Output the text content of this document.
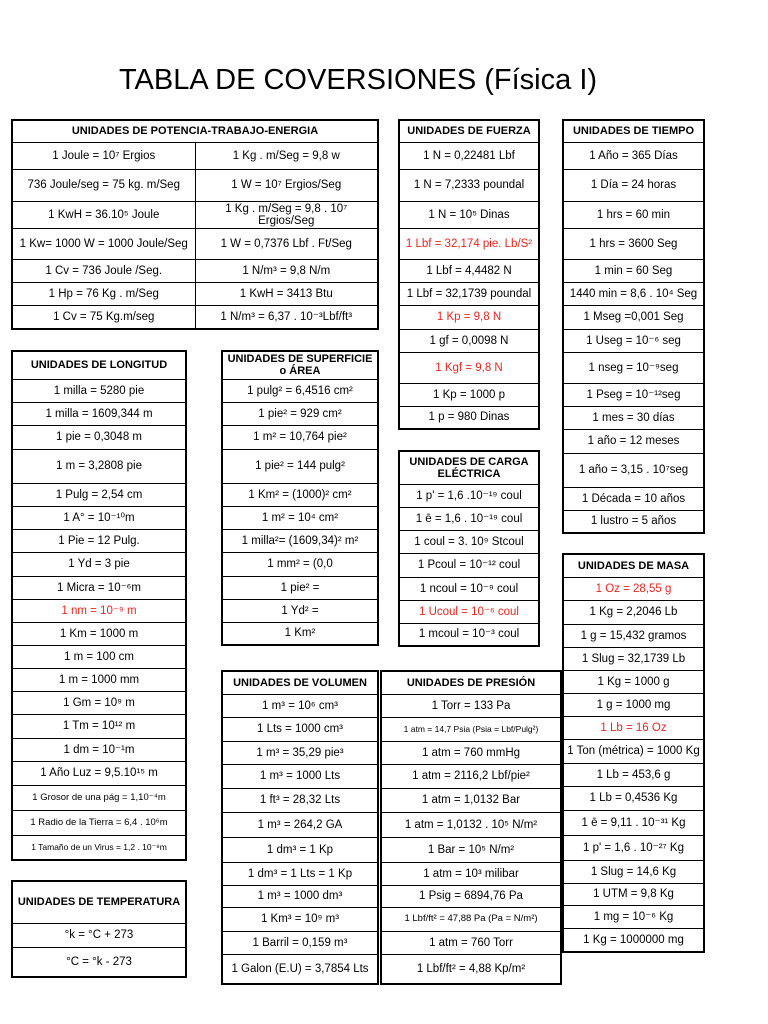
TABLA DE COVERSIONES (Física I)
UNIDADES DE POTENCIA-TRABAJO-ENERGIA	
1 Joule = 10⁷ Ergios	1 Kg . m/Seg = 9,8 w
736 Joule/seg = 75 kg. m/Seg	1 W = 10⁷ Ergios/Seg
1 KwH = 36.10⁵ Joule	1 Kg . m/Seg = 9,8 . 10⁷ Ergios/Seg
1 Kw= 1000 W = 1000 Joule/Seg	1 W = 0,7376 Lbf . Ft/Seg
1 Cv = 736 Joule /Seg.	1 N/m³ = 9,8 N/m
1 Hp = 76 Kg . m/Seg	1 KwH = 3413 Btu
1 Cv = 75 Kg.m/seg	1 N/m³ = 6,37 . 10⁻³Lbf/ft³
UNIDADES DE FUERZA
1 N = 0,22481 Lbf
1 N = 7,2333 poundal
1 N = 10⁵ Dinas
1 Lbf = 32,174 pie. Lb/S²
1 Lbf = 4,4482 N
1 Lbf = 32,1739 poundal
1 Kp = 9,8 N
1 gf = 0,0098 N
1 Kgf = 9,8 N
1 Kp = 1000 p
1 p = 980 Dinas
UNIDADES DE TIEMPO
1 Año = 365 Días
1 Día = 24 horas
1 hrs = 60 min
1 hrs = 3600 Seg
1 min = 60 Seg
1440 min = 8,6 . 10⁴ Seg
1 Mseg =0,001 Seg
1 Useg = 10⁻⁶ seg
1 nseg = 10⁻⁹seg
1 Pseg = 10⁻¹²seg
1 mes = 30 días
1 año = 12 meses
1 año = 3,15 . 10⁷seg
1 Década = 10 años
1 lustro = 5 años
UNIDADES DE LONGITUD
1 milla = 5280 pie
1 milla = 1609,344 m
1 pie = 0,3048 m
1 m = 3,2808 pie
1 Pulg = 2,54 cm
1 A° = 10⁻¹⁰m
1 Pie = 12 Pulg.
1 Yd = 3 pie
1 Micra = 10⁻⁶m
1 nm = 10⁻⁹ m
1 Km = 1000 m
1 m = 100 cm
1 m = 1000 mm
1 Gm = 10⁹ m
1 Tm = 10¹² m
1 dm = 10⁻¹m
1 Año Luz = 9,5.10¹⁵ m
1 Grosor de una pág = 1,10⁻⁴m
1 Radio de la Tierra = 6,4 . 10⁶m
1 Tamaño de un Virus = 1,2 . 10⁻⁸m
UNIDADES DE SUPERFICIE o ÁREA
1 pulg² = 6,4516 cm²
1 pie² = 929 cm²
1 m² = 10,764 pie²
1 pie² = 144 pulg²
1 Km² = (1000)² cm²
1 m² = 10⁴ cm²
1 milla²= (1609,34)² m²
1 mm² = (0,0
1 pie² =
1 Yd² =
1 Km²
UNIDADES DE CARGA ELÉCTRICA
1 p' = 1,6 .10⁻¹⁹ coul
1 ē = 1,6 . 10⁻¹⁹ coul
1 coul = 3. 10⁹ Stcoul
1 Pcoul = 10⁻¹² coul
1 ncoul = 10⁻⁹ coul
1 Ucoul = 10⁻⁶ coul
1 mcoul = 10⁻³ coul
UNIDADES DE MASA
1 Oz = 28,55 g
1 Kg = 2,2046 Lb
1 g = 15,432 gramos
1 Slug = 32,1739 Lb
1 Kg = 1000 g
1 g = 1000 mg
1 Lb = 16 Oz
1 Ton (métrica) = 1000 Kg
1 Lb = 453,6 g
1 Lb = 0,4536 Kg
1 ē = 9,11 . 10⁻³¹ Kg
1 p' = 1,6 . 10⁻²⁷ Kg
1 Slug = 14,6 Kg
1 UTM = 9,8 Kg
1 mg = 10⁻⁶ Kg
1 Kg = 1000000 mg
UNIDADES DE VOLUMEN
1 m³ = 10⁶ cm³
1 Lts = 1000 cm³
1 m³ = 35,29 pie³
1 m³ = 1000 Lts
1 ft³ = 28,32 Lts
1 m³ = 264,2 GA
1 dm³ = 1 Kp
1 dm³ = 1 Lts = 1 Kp
1 m³ = 1000 dm³
1 Km³ = 10⁹ m³
1 Barril = 0,159 m³
1 Galon (E.U) = 3,7854 Lts
UNIDADES DE PRESIÓN
1 Torr = 133 Pa
1 atm = 14,7 Psia (Psia = Lbf/Pulg²)
1 atm = 760 mmHg
1 atm = 2116,2 Lbf/pie²
1 atm = 1,0132 Bar
1 atm = 1,0132 . 10⁵ N/m²
1 Bar = 10⁵ N/m²
1 atm = 10³ milibar
1 Psig = 6894,76 Pa
1 Lbf/ft² = 47,88 Pa (Pa = N/m²)
1 atm = 760 Torr
1 Lbf/ft² = 4,88 Kp/m²
UNIDADES DE TEMPERATURA
°k = °C + 273
°C = °k - 273
